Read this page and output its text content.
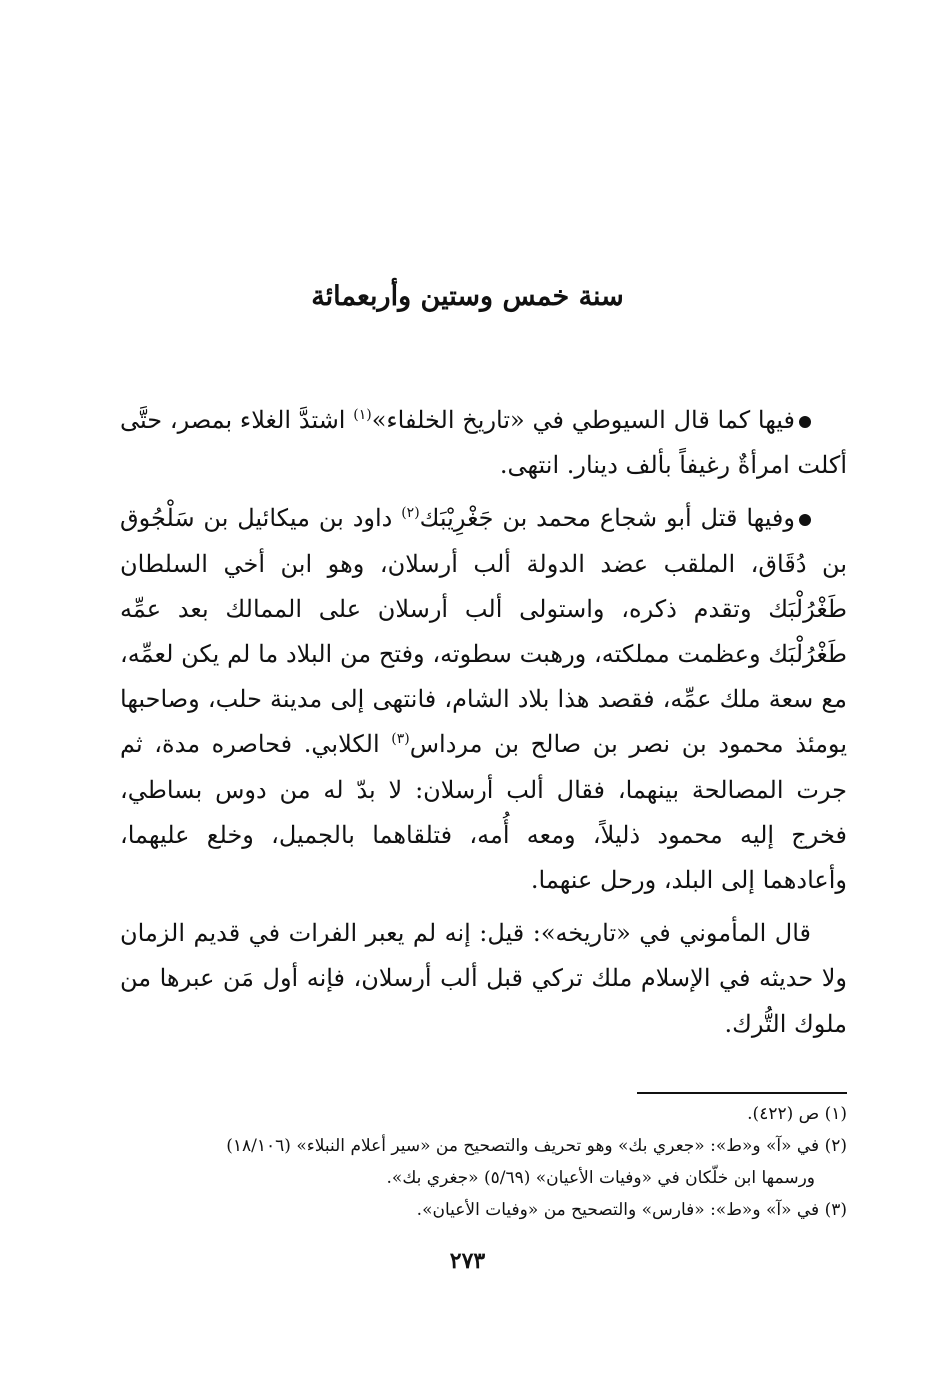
سنة خمس وستين وأربعمائة

فيها كما قال السيوطي في «تاريخ الخلفاء»$^{(١)}$ اشتدَّ الغلاء بمصر، حتَّى أكلت امرأةٌ رغيفاً بألف دينار. انتهى.

وفيها قتل أبو شجاع محمد بن جَغْرِيْبَك$^{(٢)}$ داود بن ميكائيل بن سَلْجُوق بن دُقَاق، الملقب عضد الدولة ألب أرسلان، وهو ابن أخي السلطان طَغْرُلْبَك وتقدم ذكره، واستولى ألب أرسلان على الممالك بعد عمِّه طَغْرُلْبَك وعظمت مملكته، ورهبت سطوته، وفتح من البلاد ما لم يكن لعمِّه، مع سعة ملك عمِّه، فقصد هذا بلاد الشام، فانتهى إلى مدينة حلب، وصاحبها يومئذ محمود بن نصر بن صالح بن مرداس$^{(٣)}$ الكلابي. فحاصره مدة، ثم جرت المصالحة بينهما، فقال ألب أرسلان: لا بدّ له من دوس بساطي، فخرج إليه محمود ذليلاً، ومعه أُمه، فتلقاهما بالجميل، وخلع عليهما، وأعادهما إلى البلد، ورحل عنهما.

قال المأموني في «تاريخه»: قيل: إنه لم يعبر الفرات في قديم الزمان ولا حديثه في الإسلام ملك تركي قبل ألب أرسلان، فإنه أول مَن عبرها من ملوك التُّرك.

(١) ص (٤٢٢).

(٢) في «آ» و«ط»: «جعري بك» وهو تحريف والتصحيح من «سير أعلام النبلاء» (١٨/١٠٦)

ورسمها ابن خلّكان في «وفيات الأعيان» (٥/٦٩) «جغري بك».

(٣) في «آ» و«ط»: «فارس» والتصحيح من «وفيات الأعيان».

٢٧٣
